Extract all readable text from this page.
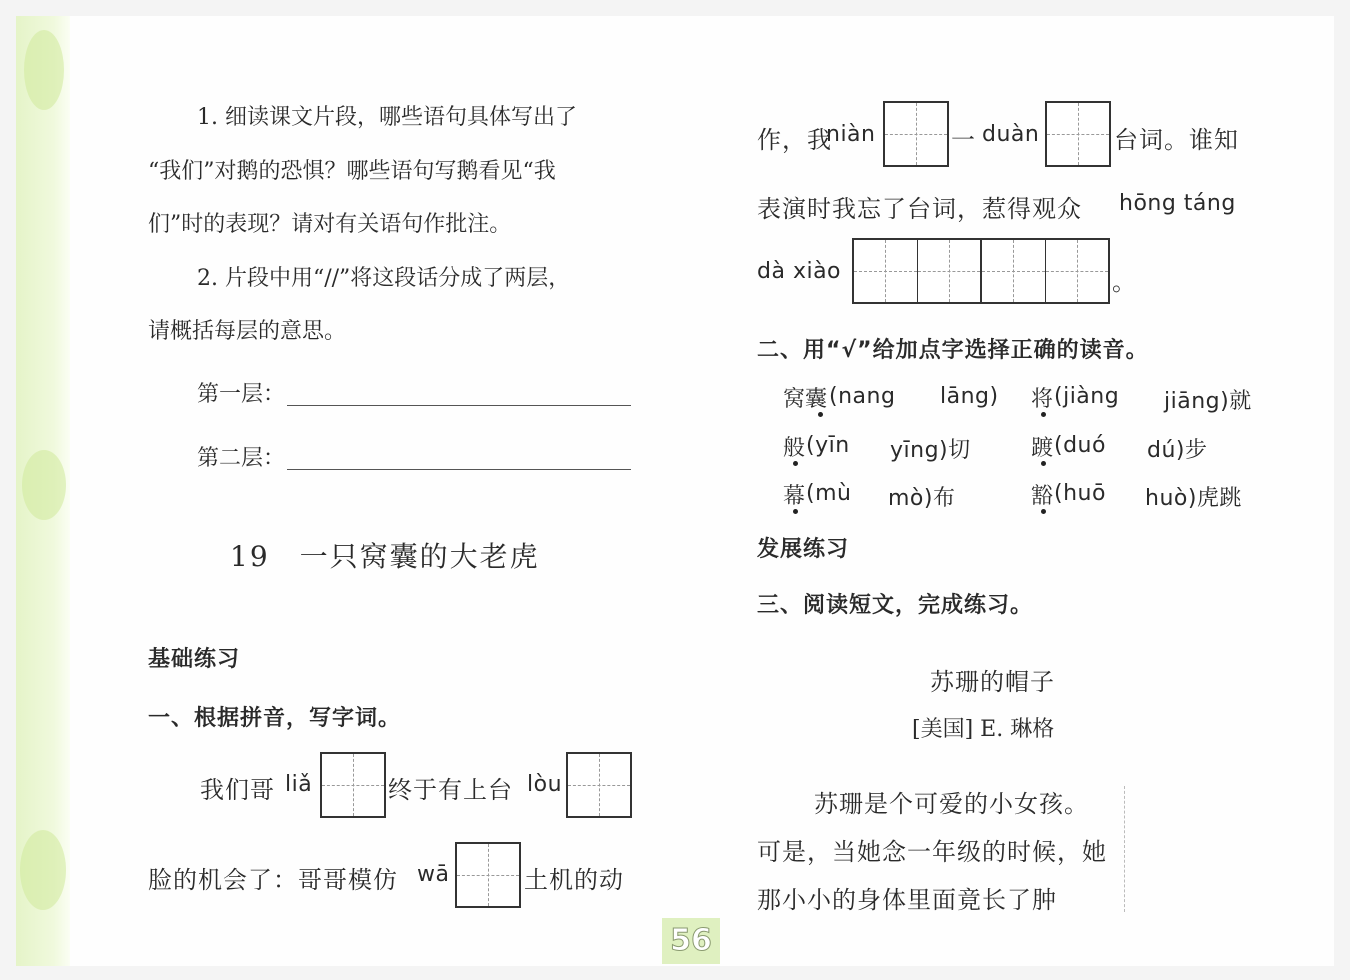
1. 细读课文片段，哪些语句具体写出了
“我们”对鹅的恐惧？哪些语句写鹅看见“我
们”时的表现？请对有关语句作批注。
2. 片段中用“//”将这段话分成了两层，
请概括每层的意思。
第一层：
第二层：
19　一只窝囊的大老虎
基础练习
一、根据拼音，写字词。
我们哥 liǎ	终于有上台 lòu
脸的机会了：哥哥模仿 wā	土机的动
作，我
niàn	一 duàn	台词。谁知
表演时我忘了台词，惹得观众 hōng táng
dà xiào	。
二、用“√”给加点字选择正确的读音。
窝囊 (nang lāng) 将 (jiàng jiāng)就
般 (yīn yīng)切	踱 (duó dú)步
幕 (mù mò)布	豁 (huō huò)虎跳
发展练习
三、阅读短文，完成练习。
苏珊的帽子
[美国] E. 琳格
苏珊是个可爱的小女孩。
可是，当她念一年级的时候，她
那小小的身体里面竟长了肿
56
